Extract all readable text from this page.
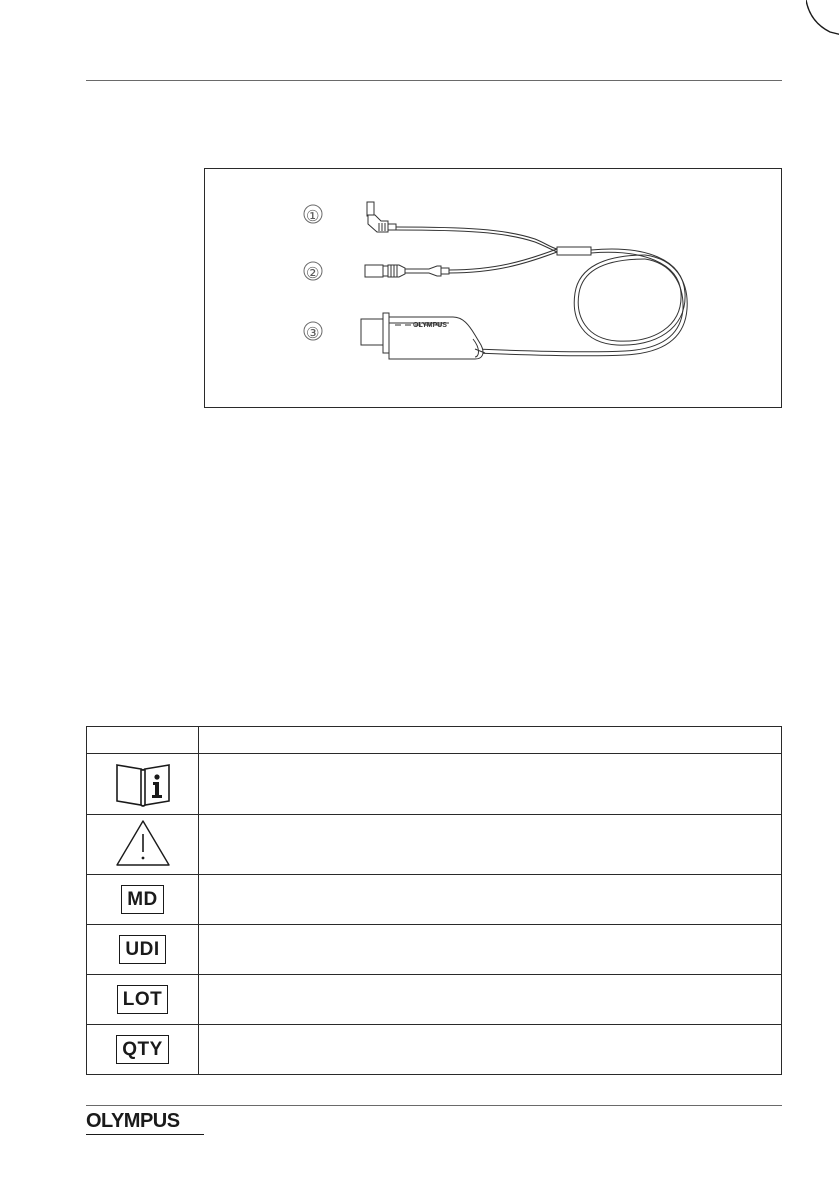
①
②
③	OLYMPUS

MD	
UDI	
LOT	
QTY	
OLYMPUS
